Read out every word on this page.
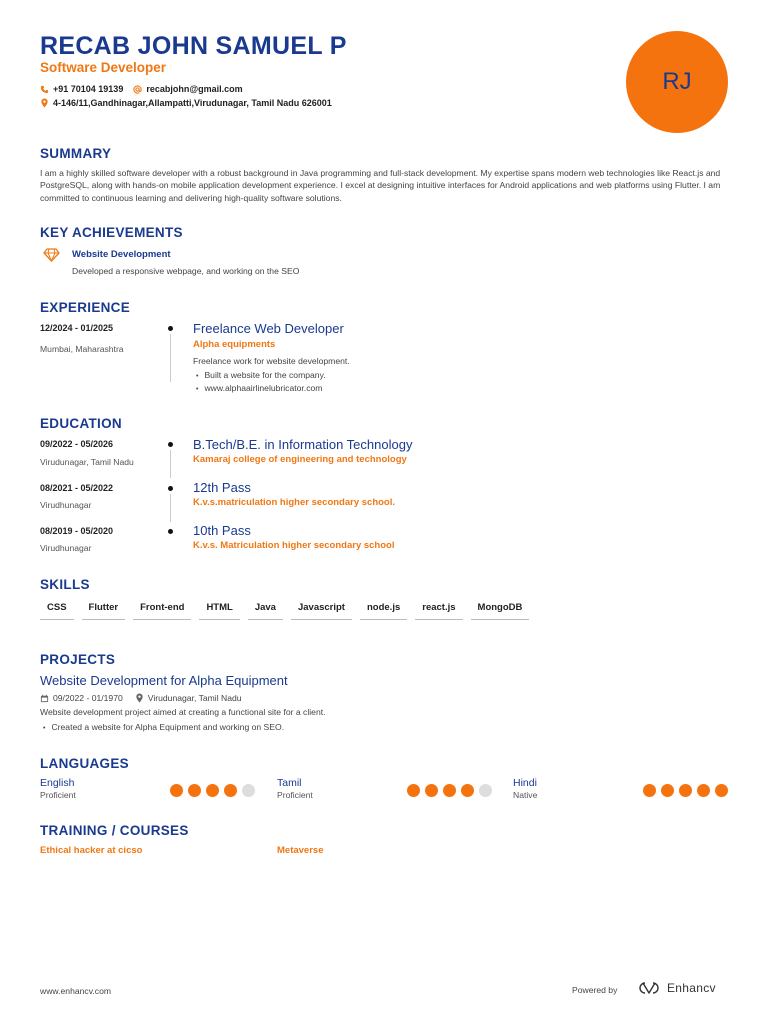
RECAB JOHN SAMUEL P
Software Developer
+91 70104 19139	recabjohn@gmail.com
4-146/11,Gandhinagar,Allampatti,Virudunagar, Tamil Nadu 626001
RJ
SUMMARY
I am a highly skilled software developer with a robust background in Java programming and full-stack development. My expertise spans modern web technologies like React.js and PostgreSQL, along with hands-on mobile application development experience. I excel at designing intuitive interfaces for Android applications and web platforms using Flutter. I am committed to continuous learning and delivering high-quality software solutions.
KEY ACHIEVEMENTS
Website Development
Developed a responsive webpage, and working on the SEO
EXPERIENCE
12/2024 - 01/2025
Mumbai, Maharashtra
Freelance Web Developer
Alpha equipments
Freelance work for website development.
• Built a website for the company.
• www.alphaairlinelubricator.com
EDUCATION
09/2022 - 05/2026
Virudunagar, Tamil Nadu
B.Tech/B.E. in Information Technology
Kamaraj college of engineering and technology
08/2021 - 05/2022
Virudhunagar
12th Pass
K.v.s.matriculation higher secondary school.
08/2019 - 05/2020
Virudhunagar
10th Pass
K.v.s. Matriculation higher secondary school
SKILLS
CSS	Flutter	Front-end	HTML	Java	Javascript	node.js	react.js	MongoDB
PROJECTS
Website Development for Alpha Equipment
09/2022 - 01/1970	Virudunagar, Tamil Nadu
Website development project aimed at creating a functional site for a client.
• Created a website for Alpha Equipment and working on SEO.
LANGUAGES
English
Proficient
Tamil
Proficient
Hindi
Native
TRAINING / COURSES
Ethical hacker at cicso	Metaverse
www.enhancv.com	Powered by	Enhancv
